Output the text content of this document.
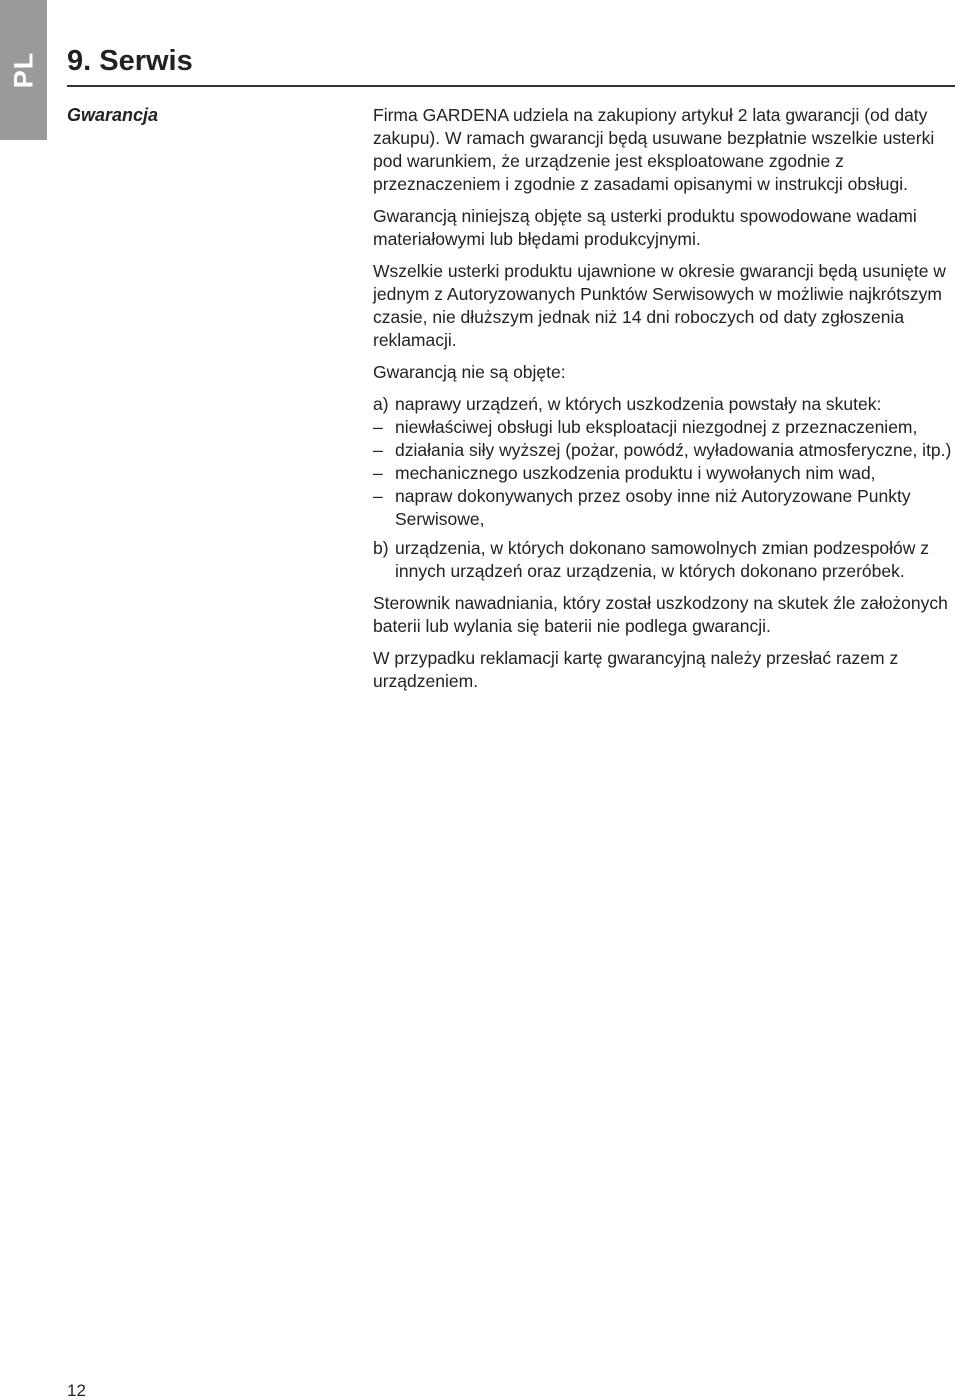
PL 9. Serwis
Gwarancja	Firma GARDENA udziela na zakupiony artykuł 2 lata gwarancji (od daty zakupu). W ramach gwarancji będą usuwane bezpłatnie wszelkie usterki pod warunkiem, że urządzenie jest eksploatowane zgodnie z przeznaczeniem i zgodnie z zasadami opisanymi w instrukcji obsługi.

Gwarancją niniejszą objęte są usterki produktu spowodowane wadami materiałowymi lub błędami produkcyjnymi.

Wszelkie usterki produktu ujawnione w okresie gwarancji będą usunięte w jednym z Autoryzowanych Punktów Serwisowych w możliwie najkrótszym czasie, nie dłuższym jednak niż 14 dni roboczych od daty zgłoszenia reklamacji.

Gwarancją nie są objęte:

a) naprawy urządzeń, w których uszkodzenia powstały na skutek:
– niewłaściwej obsługi lub eksploatacji niezgodnej z przeznaczeniem,
– działania siły wyższej (pożar, powódź, wyładowania atmosferyczne, itp.)
– mechanicznego uszkodzenia produktu i wywołanych nim wad,
– napraw dokonywanych przez osoby inne niż Autoryzowane Punkty Serwisowe,
b) urządzenia, w których dokonano samowolnych zmian podzespołów z innych urządzeń oraz urządzenia, w których dokonano przeróbek.

Sterownik nawadniania, który został uszkodzony na skutek źle założonych baterii lub wylania się baterii nie podlega gwarancji.

W przypadku reklamacji kartę gwarancyjną należy przesłać razem z urządzeniem.

12
